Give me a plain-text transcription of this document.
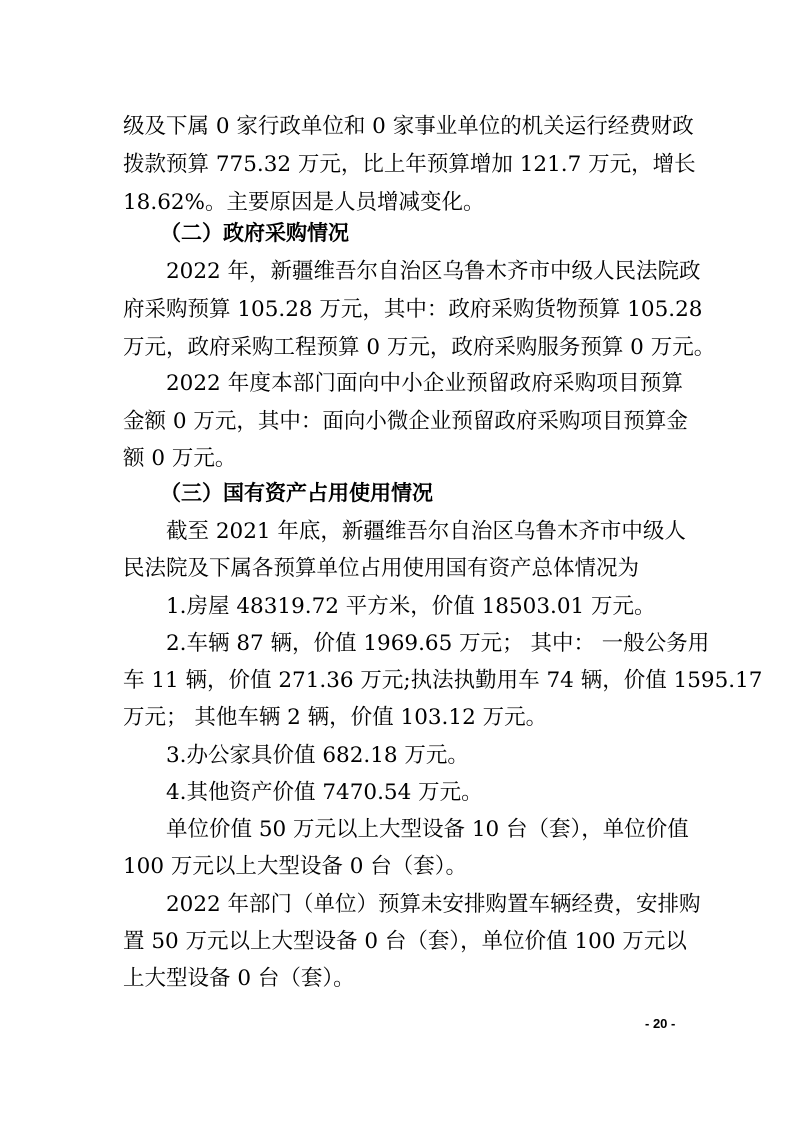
级及下属 0 家行政单位和 0 家事业单位的机关运行经费财政
拨款预算 775.32 万元，比上年预算增加 121.7 万元，增长
18.62%。主要原因是人员增减变化。
（二）政府采购情况
2022 年，新疆维吾尔自治区乌鲁木齐市中级人民法院政
府采购预算 105.28 万元，其中：政府采购货物预算 105.28
万元，政府采购工程预算 0 万元，政府采购服务预算 0 万元。
2022 年度本部门面向中小企业预留政府采购项目预算
金额 0 万元，其中：面向小微企业预留政府采购项目预算金
额 0 万元。
（三）国有资产占用使用情况
截至 2021 年底，新疆维吾尔自治区乌鲁木齐市中级人
民法院及下属各预算单位占用使用国有资产总体情况为
1.房屋 48319.72 平方米，价值 18503.01 万元。
2.车辆 87 辆，价值 1969.65 万元； 其中： 一般公务用
车 11 辆，价值 271.36 万元;执法执勤用车 74 辆，价值 1595.17
万元； 其他车辆 2 辆，价值 103.12 万元。
3.办公家具价值 682.18 万元。
4.其他资产价值 7470.54 万元。
单位价值 50 万元以上大型设备 10 台（套），单位价值
100 万元以上大型设备 0 台（套）。
2022 年部门（单位）预算未安排购置车辆经费，安排购
置 50 万元以上大型设备 0 台（套），单位价值 100 万元以
上大型设备 0 台（套）。
- 20 -
